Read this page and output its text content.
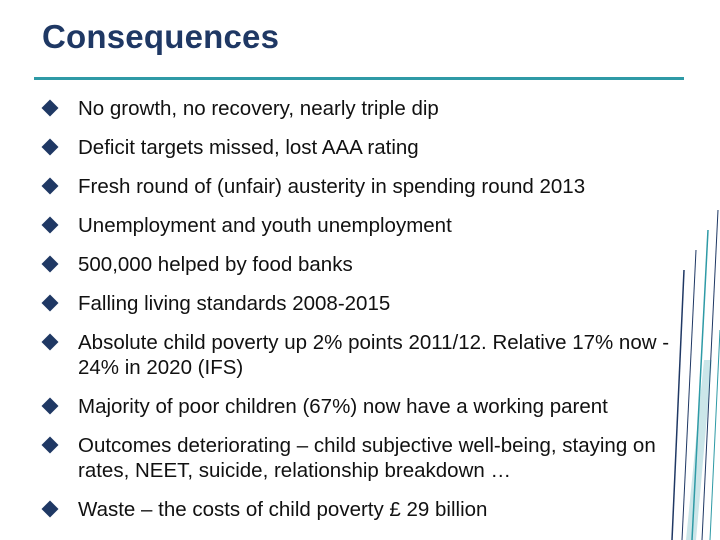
Consequences
No growth, no recovery, nearly triple dip
Deficit targets missed, lost AAA rating
Fresh round of (unfair) austerity in spending round 2013
Unemployment and youth unemployment
500,000 helped by food banks
Falling living standards 2008-2015
Absolute child poverty up 2% points 2011/12. Relative 17% now - 24% in 2020 (IFS)
Majority of poor children (67%) now have a working parent
Outcomes deteriorating – child subjective well-being, staying on rates, NEET, suicide, relationship breakdown …
Waste – the costs of child poverty £ 29 billion
